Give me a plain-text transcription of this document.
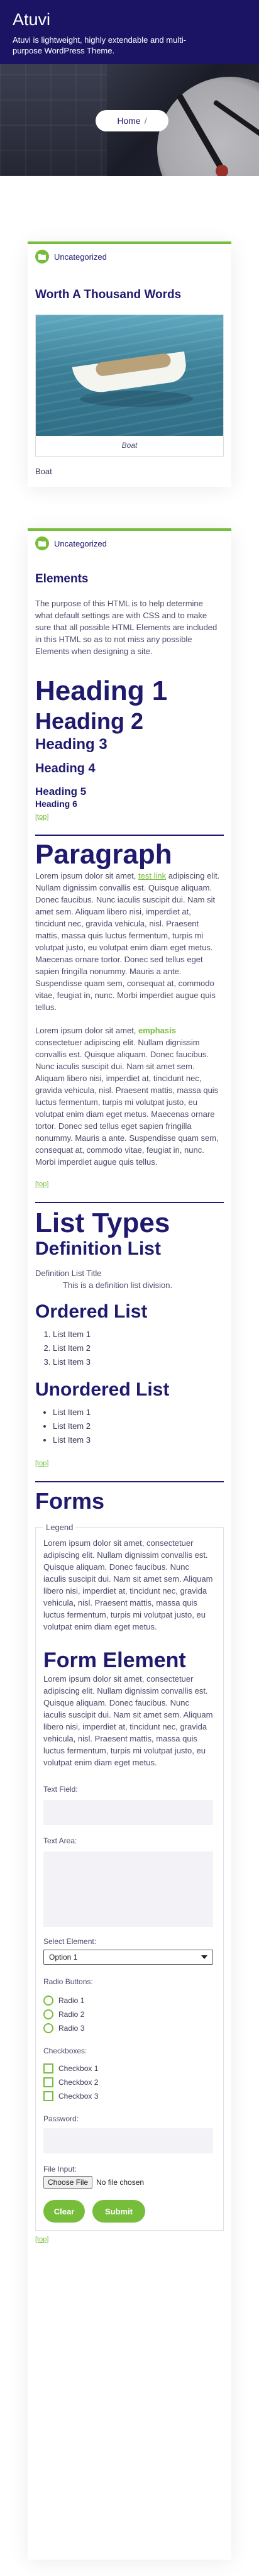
Atuvi
Atuvi is lightweight, highly extendable and multi-purpose WordPress Theme.
Home /
Uncategorized
Worth A Thousand Words
Boat

Boat

Uncategorized
Elements

The purpose of this HTML is to help determine what default settings are with CSS and to make sure that all possible HTML Elements are included in this HTML so as to not miss any possible Elements when designing a site.

Heading 1
Heading 2
Heading 3
Heading 4
Heading 5
Heading 6
[top]
Paragraph

Lorem ipsum dolor sit amet, test link adipiscing elit. Nullam dignissim convallis est. Quisque aliquam. Donec faucibus. Nunc iaculis suscipit dui. Nam sit amet sem. Aliquam libero nisi, imperdiet at, tincidunt nec, gravida vehicula, nisl. Praesent mattis, massa quis luctus fermentum, turpis mi volutpat justo, eu volutpat enim diam eget metus. Maecenas ornare tortor. Donec sed tellus eget sapien fringilla nonummy. Mauris a ante. Suspendisse quam sem, consequat at, commodo vitae, feugiat in, nunc. Morbi imperdiet augue quis tellus.

Lorem ipsum dolor sit amet, emphasis consectetuer adipiscing elit. Nullam dignissim convallis est. Quisque aliquam. Donec faucibus. Nunc iaculis suscipit dui. Nam sit amet sem. Aliquam libero nisi, imperdiet at, tincidunt nec, gravida vehicula, nisl. Praesent mattis, massa quis luctus fermentum, turpis mi volutpat justo, eu volutpat enim diam eget metus. Maecenas ornare tortor. Donec sed tellus eget sapien fringilla nonummy. Mauris a ante. Suspendisse quam sem, consequat at, commodo vitae, feugiat in, nunc. Morbi imperdiet augue quis tellus.

[top]
List Types
Definition List
Definition List Title
This is a definition list division.
Ordered List
1. List Item 1
2. List Item 2
3. List Item 3
Unordered List
• List Item 1
• List Item 2
• List Item 3
[top]
Forms
Legend

Lorem ipsum dolor sit amet, consectetuer adipiscing elit. Nullam dignissim convallis est. Quisque aliquam. Donec faucibus. Nunc iaculis suscipit dui. Nam sit amet sem. Aliquam libero nisi, imperdiet at, tincidunt nec, gravida vehicula, nisl. Praesent mattis, massa quis luctus fermentum, turpis mi volutpat justo, eu volutpat enim diam eget metus.

Form Element

Lorem ipsum dolor sit amet, consectetuer adipiscing elit. Nullam dignissim convallis est. Quisque aliquam. Donec faucibus. Nunc iaculis suscipit dui. Nam sit amet sem. Aliquam libero nisi, imperdiet at, tincidunt nec, gravida vehicula, nisl. Praesent mattis, massa quis luctus fermentum, turpis mi volutpat justo, eu volutpat enim diam eget metus.

Text Field:
Text Area:
Select Element:
Option 1
Radio Buttons:
Radio 1
Radio 2
Radio 3
Checkboxes:
Checkbox 1
Checkbox 2
Checkbox 3
Password:
File Input:
Choose File	No file chosen
Clear	Submit
[top]
